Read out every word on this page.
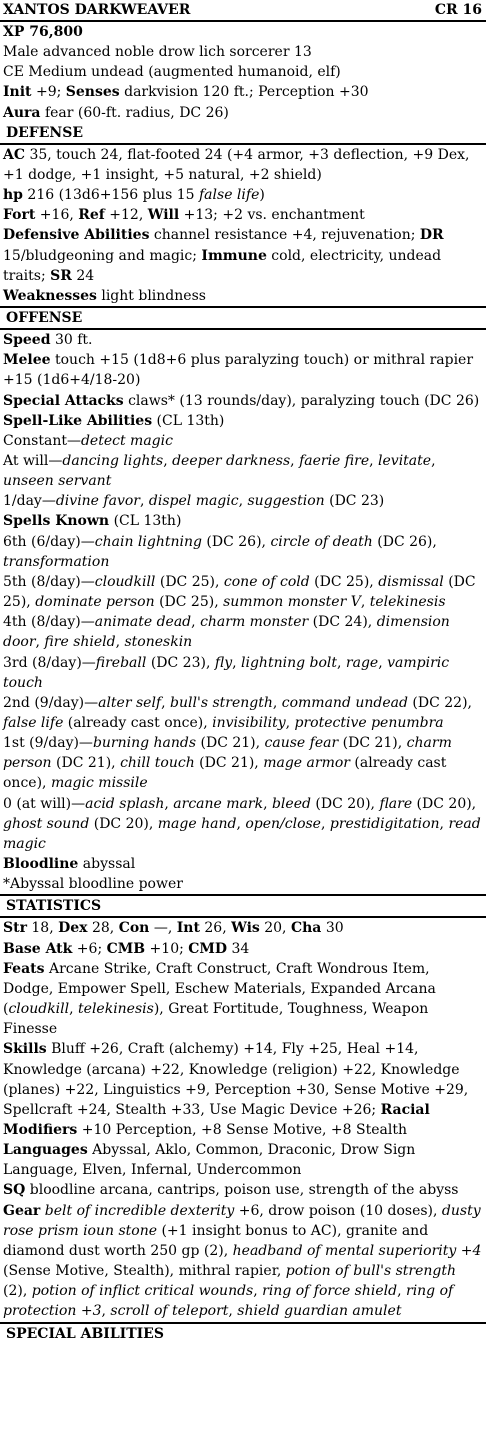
XANTOS DARKWEAVER	CR 16
XP 76,800
Male advanced noble drow lich sorcerer 13
CE Medium undead (augmented humanoid, elf)
Init +9; Senses darkvision 120 ft.; Perception +30
Aura fear (60-ft. radius, DC 26)
DEFENSE
AC 35, touch 24, flat-footed 24 (+4 armor, +3 deflection, +9 Dex, +1 dodge, +1 insight, +5 natural, +2 shield)
hp 216 (13d6+156 plus 15 false life)
Fort +16, Ref +12, Will +13; +2 vs. enchantment
Defensive Abilities channel resistance +4, rejuvenation; DR 15/bludgeoning and magic; Immune cold, electricity, undead traits; SR 24
Weaknesses light blindness
OFFENSE
Speed 30 ft.
Melee touch +15 (1d8+6 plus paralyzing touch) or mithral rapier +15 (1d6+4/18-20)
Special Attacks claws* (13 rounds/day), paralyzing touch (DC 26)
Spell-Like Abilities (CL 13th)
Constant—detect magic
At will—dancing lights, deeper darkness, faerie fire, levitate, unseen servant
1/day—divine favor, dispel magic, suggestion (DC 23)
Spells Known (CL 13th)
6th (6/day)—chain lightning (DC 26), circle of death (DC 26), transformation
5th (8/day)—cloudkill (DC 25), cone of cold (DC 25), dismissal (DC 25), dominate person (DC 25), summon monster V, telekinesis
4th (8/day)—animate dead, charm monster (DC 24), dimension door, fire shield, stoneskin
3rd (8/day)—fireball (DC 23), fly, lightning bolt, rage, vampiric touch
2nd (9/day)—alter self, bull's strength, command undead (DC 22), false life (already cast once), invisibility, protective penumbra
1st (9/day)—burning hands (DC 21), cause fear (DC 21), charm person (DC 21), chill touch (DC 21), mage armor (already cast once), magic missile
0 (at will)—acid splash, arcane mark, bleed (DC 20), flare (DC 20), ghost sound (DC 20), mage hand, open/close, prestidigitation, read magic
Bloodline abyssal
*Abyssal bloodline power
STATISTICS
Str 18, Dex 28, Con —, Int 26, Wis 20, Cha 30
Base Atk +6; CMB +10; CMD 34
Feats Arcane Strike, Craft Construct, Craft Wondrous Item, Dodge, Empower Spell, Eschew Materials, Expanded Arcana (cloudkill, telekinesis), Great Fortitude, Toughness, Weapon Finesse
Skills Bluff +26, Craft (alchemy) +14, Fly +25, Heal +14, Knowledge (arcana) +22, Knowledge (religion) +22, Knowledge (planes) +22, Linguistics +9, Perception +30, Sense Motive +29, Spellcraft +24, Stealth +33, Use Magic Device +26; Racial Modifiers +10 Perception, +8 Sense Motive, +8 Stealth
Languages Abyssal, Aklo, Common, Draconic, Drow Sign Language, Elven, Infernal, Undercommon
SQ bloodline arcana, cantrips, poison use, strength of the abyss
Gear belt of incredible dexterity +6, drow poison (10 doses), dusty rose prism ioun stone (+1 insight bonus to AC), granite and diamond dust worth 250 gp (2), headband of mental superiority +4 (Sense Motive, Stealth), mithral rapier, potion of bull's strength (2), potion of inflict critical wounds, ring of force shield, ring of protection +3, scroll of teleport, shield guardian amulet
SPECIAL ABILITIES
